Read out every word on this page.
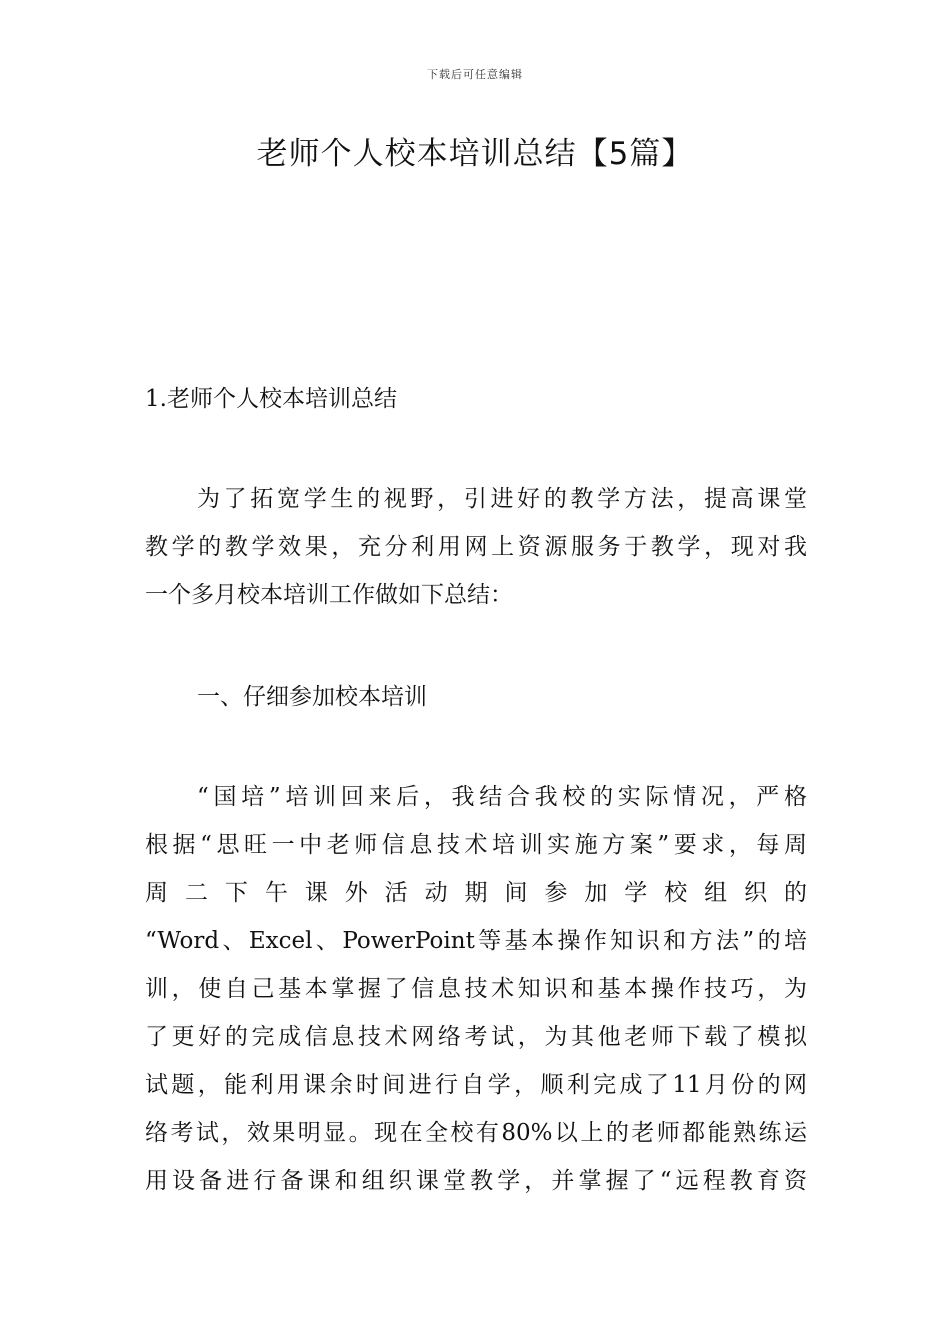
下载后可任意编辑
老师个人校本培训总结【5篇】
1.老师个人校本培训总结
为了拓宽学生的视野，引进好的教学方法，提高课堂
教学的教学效果，充分利用网上资源服务于教学，现对我
一个多月校本培训工作做如下总结：
一、仔细参加校本培训
“国培”培训回来后，我结合我校的实际情况，严格
根据“思旺一中老师信息技术培训实施方案”要求，每周
周二下午课外活动期间参加学校组织的
“Word、Excel、PowerPoint等基本操作知识和方法”的培
训，使自己基本掌握了信息技术知识和基本操作技巧，为
了更好的完成信息技术网络考试，为其他老师下载了模拟
试题，能利用课余时间进行自学，顺利完成了11月份的网
络考试，效果明显。现在全校有80%以上的老师都能熟练运
用设备进行备课和组织课堂教学，并掌握了“远程教育资
